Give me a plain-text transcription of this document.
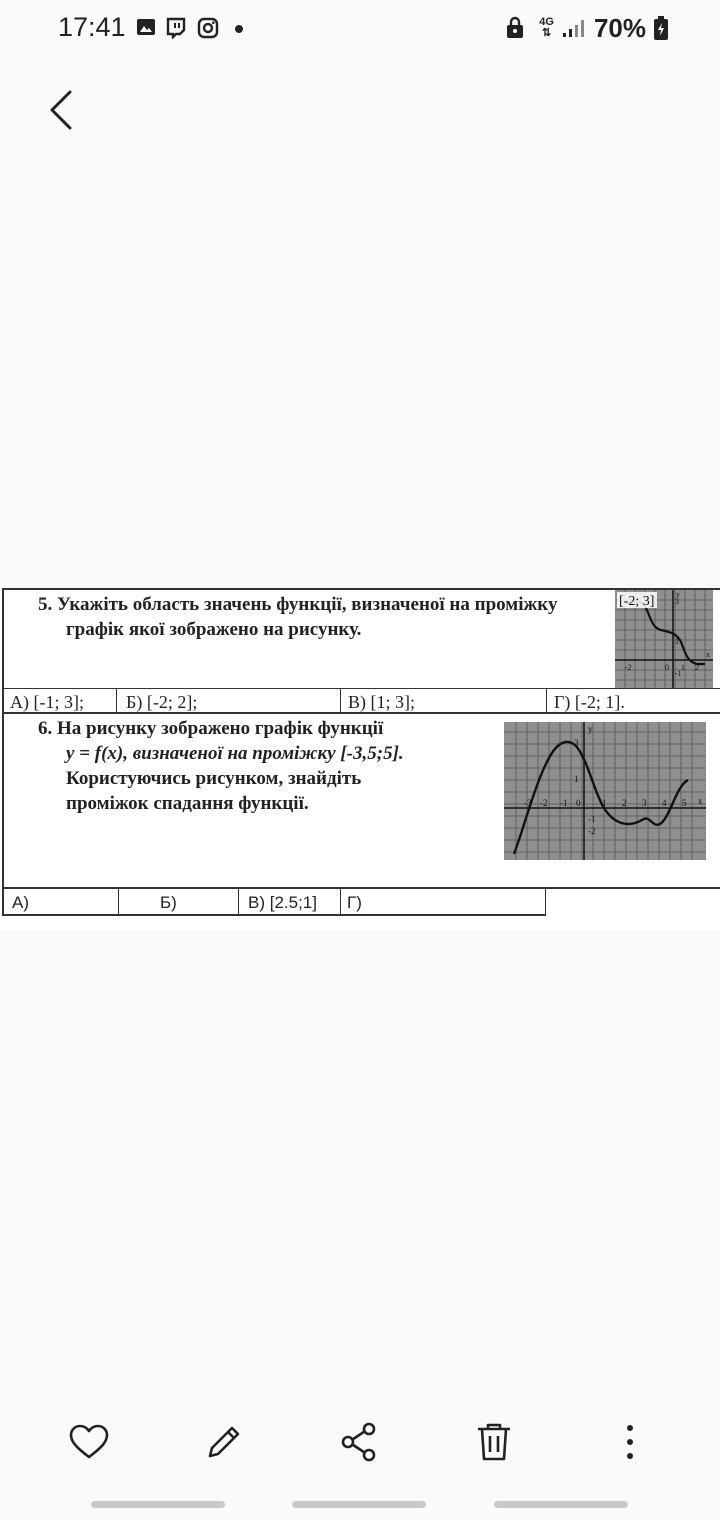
17:41	4G
⇅ 70%
5. Укажіть область значень функції, визначеної на проміжку
графік якої зображено на рисунку.
[-2; 3]	3
1
-1
-2	0 1 2
x
y
А) [-1; 3]; Б) [-2; 2];	В) [1; 3];	Г) [-2; 1].
6. На рисунку зображено графік функції
y = f(x), визначеної на проміжку [-3,5;5].
Користуючись рисунком, знайдіть
проміжок спадання функції.
3
1
-1
-2
-3 -2 -1 0 1 2 3 4 5 x
y
А)	Б)	В) [2.5;1] Г)
